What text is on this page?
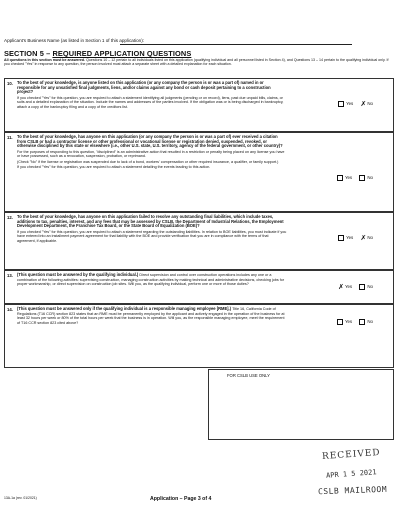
Applicant's Business Name (as listed in Section 1 of this application):
SECTION 5 – REQUIRED APPLICATION QUESTIONS
All questions in this section must be answered. Questions 10 – 12 pertain to all individuals listed on this application (qualifying individual and all personnel listed in Section 4), and Questions 13 – 14 pertain to the qualifying individual only. If you checked "Yes" in response to any question, the person involved must attach a separate sheet with a detailed explanation for each situation.
10. To the best of your knowledge, is anyone listed on this application (or any company the person is or was a part of) named in or responsible for any unsatisfied final judgments, liens, and/or claims against any bond or cash deposit pertaining to a construction project?
If you checked "Yes" for this question, you are required to attach a statement identifying all judgments (pending or on record), liens, past due unpaid bills, claims, or suits and a detailed explanation of the situation. Include the names and addresses of the parties involved. If the obligation was or is being discharged in bankruptcy, attach a copy of the bankruptcy filing and a copy of the creditors list.
Yes ✗No
11. To the best of your knowledge, has anyone on this application (or any company the person is or was a part of) ever received a citation from CSLB or had a contractor license or other professional or vocational license or registration denied, suspended, revoked, or otherwise disciplined by this state or elsewhere (i.e., other U.S. state, U.S. territory, agency of the federal government, or other country)?
For the purposes of responding to this question, "disciplined" is an administrative action that resulted in a restriction or penalty being placed on any license you have or have possessed, such as a revocation, suspension, probation, or reprimand.
(Check "No" if the license or registration was suspended due to lack of a bond, workers' compensation or other required insurance, a qualifier, or family support.)
If you checked "Yes" for this question, you are required to attach a statement detailing the events leading to this action.
Yes	No
12. To the best of your knowledge, has anyone on this application failed to resolve any outstanding final liabilities, which include taxes, additions to tax, penalties, interest, and any fees that may be assessed by CSLB, the Department of Industrial Relations, the Employment Development Department, the Franchise Tax Board, or the State Board of Equalization (BOE)?
If you checked "Yes" for this question, you are required to attach a statement regarding the outstanding liabilities. In relation to BOE liabilities, you must indicate if you have entered into an installment payment agreement for that liability with the BOE and provide verification that you are in compliance with the terms of that agreement, if applicable.
Yes ✗No
13. (This question must be answered by the qualifying individual.) Direct supervision and control over construction operations includes any one or a combination of the following activities: supervising construction, managing construction activities by making technical and administrative decisions, checking jobs for proper workmanship, or direct supervision on construction job sites. Will you, as the qualifying individual, perform one or more of those duties?	✗Yes	No
14. (This question must be answered only if the qualifying individual is a responsible managing employee [RME].) Title 16, California Code of Regulations (T16 CCR) section 823 states that an RME must be permanently employed by the applicant and actively engaged in the operation of the business for at least 32 hours per week or 80% of the total hours per week that the business is in operation. Will you, as the responsible managing employee, meet the requirement of T16 CCR section 823 cited above?	Yes	No
FOR CSLB USE ONLY
RECEIVED
APR 1 5 2021
CSLB MAILROOM
13A-1a (rev. 01/2021)	Application – Page 3 of 4
